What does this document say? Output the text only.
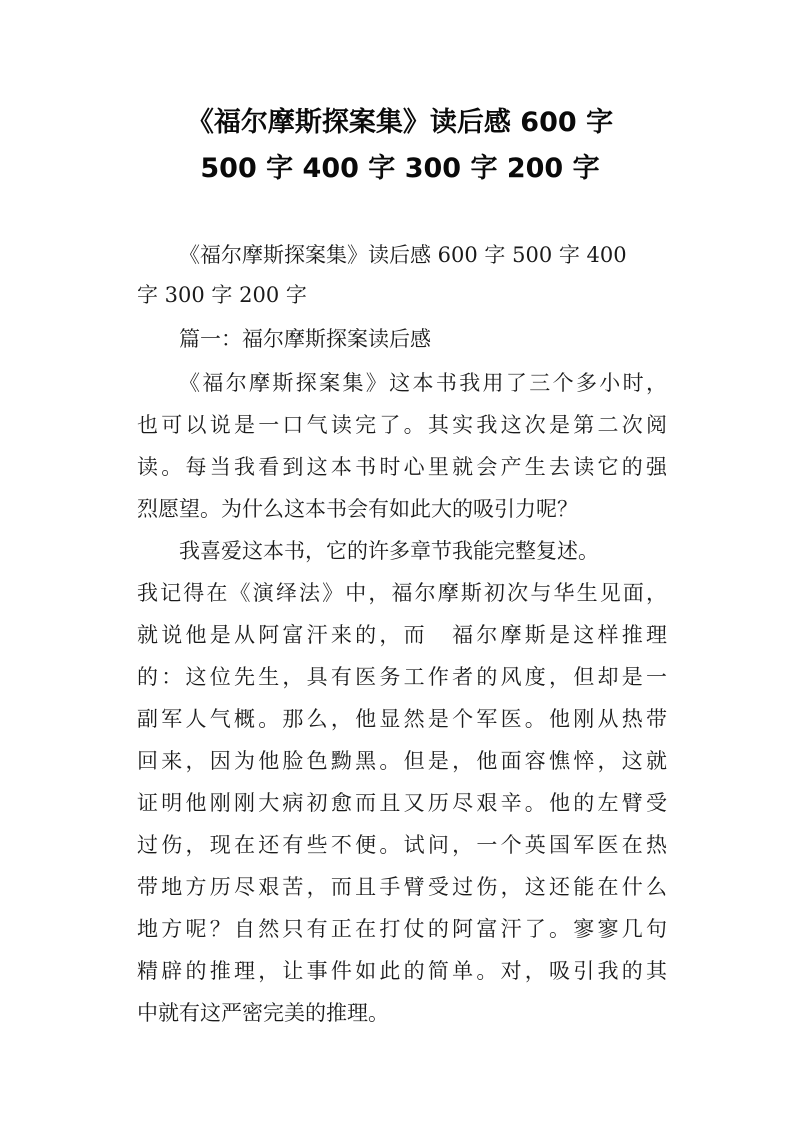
《福尔摩斯探案集》读后感 600 字
500 字 400 字 300 字 200 字
《福尔摩斯探案集》读后感 600 字 500 字 400
字 300 字 200 字
篇一：福尔摩斯探案读后感
《福尔摩斯探案集》这本书我用了三个多小时，
也可以说是一口气读完了。其实我这次是第二次阅
读。每当我看到这本书时心里就会产生去读它的强
烈愿望。为什么这本书会有如此大的吸引力呢？
我喜爱这本书，它的许多章节我能完整复述。
我记得在《演绎法》中，福尔摩斯初次与华生见面，
就说他是从阿富汗来的，而　福尔摩斯是这样推理
的：这位先生，具有医务工作者的风度，但却是一
副军人气概。那么，他显然是个军医。他刚从热带
回来，因为他脸色黝黑。但是，他面容憔悴，这就
证明他刚刚大病初愈而且又历尽艰辛。他的左臂受
过伤，现在还有些不便。试问，一个英国军医在热
带地方历尽艰苦，而且手臂受过伤，这还能在什么
地方呢？自然只有正在打仗的阿富汗了。寥寥几句
精辟的推理，让事件如此的简单。对，吸引我的其
中就有这严密完美的推理。
